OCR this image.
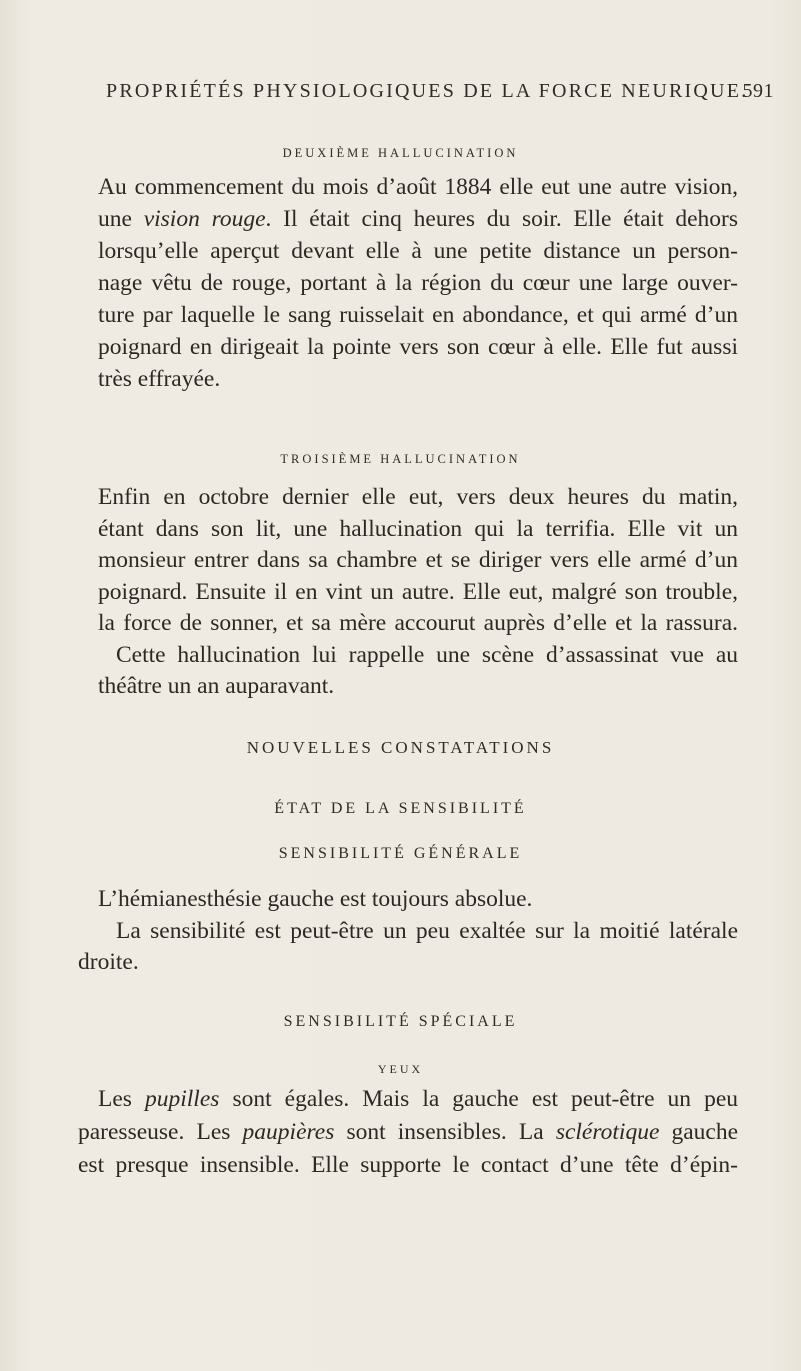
PROPRIÉTÉS PHYSIOLOGIQUES DE LA FORCE NEURIQUE.
591
DEUXIÈME HALLUCINATION
Au commencement du mois d’août 1884 elle eut une autre vision,
une vision rouge. Il était cinq heures du soir. Elle était dehors
lorsqu’elle aperçut devant elle à une petite distance un person-
nage vêtu de rouge, portant à la région du cœur une large ouver-
ture par laquelle le sang ruisselait en abondance, et qui armé d’un
poignard en dirigeait la pointe vers son cœur à elle. Elle fut aussi
très effrayée.
TROISIÈME HALLUCINATION
Enfin en octobre dernier elle eut, vers deux heures du matin,
étant dans son lit, une hallucination qui la terrifia. Elle vit un
monsieur entrer dans sa chambre et se diriger vers elle armé d’un
poignard. Ensuite il en vint un autre. Elle eut, malgré son trouble,
la force de sonner, et sa mère accourut auprès d’elle et la rassura.
Cette hallucination lui rappelle une scène d’assassinat vue au
théâtre un an auparavant.
NOUVELLES CONSTATATIONS
ÉTAT DE LA SENSIBILITÉ
SENSIBILITÉ GÉNÉRALE
L’hémianesthésie gauche est toujours absolue.
La sensibilité est peut-être un peu exaltée sur la moitié latérale
droite.
SENSIBILITÉ SPÉCIALE
YEUX
Les pupilles sont égales. Mais la gauche est peut-être un peu
paresseuse. Les paupières sont insensibles. La sclérotique gauche
est presque insensible. Elle supporte le contact d’une tête d’épin-
